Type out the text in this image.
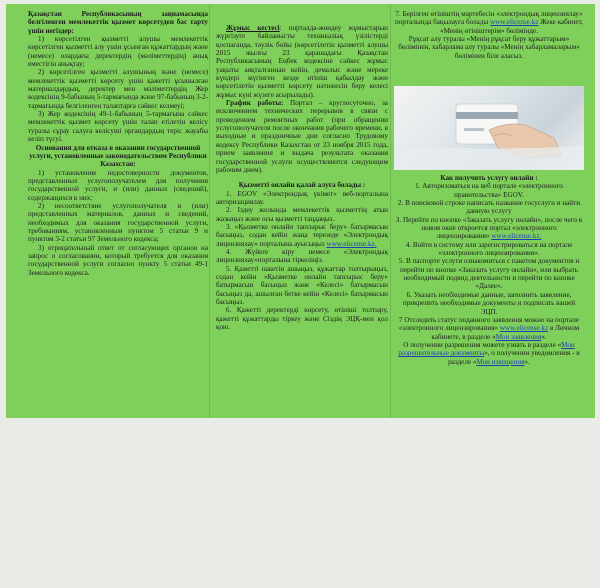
Қазақстан Республикасының заңнамасында белгіленген мемлекеттік қызмет көрсетуден бас тарту үшін негіздер:

1) көрсетілген қызметті алушы мемлекеттік көрсетілген қызметті алу үшін ұсынған құжаттардың және (немесе) олардағы деректердің (мәліметтердің) анық еместігін анықтау;

2) көрсетілген қызметті алушының және (немесе) мемлекеттік қызметті көрсету үшін қажетті ұсынылған материалдардың, деректер мен мәліметтердің Жер кодексінің 9-бабының 5-тармағында және 97-бабының 3-2-тармағында белгіленген талаптарға сәйкес келмеуі;

3) Жер кодексінің 49-1-бабының 5-тармағына сәйкес мемлекеттік қызмет көрсету үшін талап етілетін келісу туралы сұрау салуға келісуші органдардың теріс жауабы келіп түсуі.

Основания для отказа в оказании государственной услуги, установленные законодательством Республики Казахстан:

1) установление недостоверности документов, представленных услугополучателем для получения государственной услуги, и (или) данных (сведений), содержащихся в них;

2) несоответствие услугополучателя и (или) представленных материалов, данных и сведений, необходимых для оказания государственной услуги, требованиям, установленным пунктом 5 статьи 9 и пунктом 3-2 статьи 97 Земельного кодекса;

3) отрицательный ответ от согласующих органов на запрос о согласовании, который требуется для оказания государственной услуги согласно пункту 5 статьи 49-1 Земельного кодекса.

Жұмыс кестесі: порталда-жөндеу жұмыстарын жүргізуге байланысты техникалық үзілістерді қоспағанда, тәулік бойы (көрсетілетін қызметті алушы 2015 жылғы 23 қарашадағы Қазақстан Республикасының Еңбек кодексіне сәйкес жұмыс уақыты аяқталғаннан кейін, демалыс және мереке күндері жүгінген кезде өтініш қабылдау және көрсетілетін қызметті көрсету нәтижесін беру келесі жұмыс күні жүзеге асырылады).

График работы: Портал – круглосуточно, за исключением технических перерывов в связи с проведением ремонтных работ (при обращении услугополучателя после окончания рабочего времени, в выходные и праздничные дни согласно Трудовому кодексу Республики Казахстан от 23 ноября 2015 года, прием заявления и выдача результата оказания государственной услуги осуществляются следующим рабочим днем).

Қызметті онлайн қалай алуға болады :

1. EGOV «Электрондық үкімет» веб-порталына авторизациялау.

2. Іздеу жолында мемлекеттік қызметтің атын жазыңыз және осы қызметті таңдаңыз.

3. «Қызметке онлайн тапсырыс беру» батырмасын басыңыз, содан кейін жаңа терезеде «Электрондық лицензиялау» порталына ауысыңыз www.elicense.kz.

4. Жүйеге кіру немесе «Электрондық лицензиялау»порталына тіркеліңіз.

5. Қажетті пакетін ашыңыз, құжаттар толтырыңыз, содан кейін «Қызметке онлайн тапсырыс беру» батырмасын басыңыз және «Келесі» батырмасын басыңыз да, ашылған бетке кейін «Келесі» батырмасын басыңыз.

6. Қажетті деректерді көрсету, өтініші толтыру, қажетті құжаттарды тіркеу және Сіздің ЭЦҚ-мен қол қою.

7. Берілген өтініштің мәртебесін «электрондық лицензиялау» порталында бақылауға болады www.elicense.kz Жеке кабинет, «Менің өтініштерім» бөлімінде.

Рұқсат алу туралы «Менің рұқсат беру құжаттарым» бөлімінен, хабарлама алу туралы «Менің хабарламаларым» бөлімінен біле аласыз.

Как получить услугу онлайн :

1. Авторизоваться на веб портале «электронного правительства» EGOV.

2. В поисковой строке написать название госуслуги и найти данную услугу

3. Перейти по кнопке «Заказать услугу онлайн», после чего в новом окне откроется портал «электронного лицензирования» www.elicense.kz.

4. Войти в систему или зарегистрироваться на портале «электронного лицензирования».

5. В паспорте услуги ознакомиться с пакетом документов и перейти по кнопке «Заказать услугу онлайн», или выбрать необходимый подвид деятельности и перейти по кнопке «Далее».

6. Указать необходимые данные, заполнить заявление, прикрепить необходимые документы и подписать вашей ЭЦП.

7 Отследить статус поданного заявления можно на портале «электронного лицензирования» www.elicense.kz в Личном кабинете, в разделе «Мои заявления».

О получении разрешения можете узнать в разделе «Мои разрешительные документы», о получении уведомления - в разделе «Мои извещения».
